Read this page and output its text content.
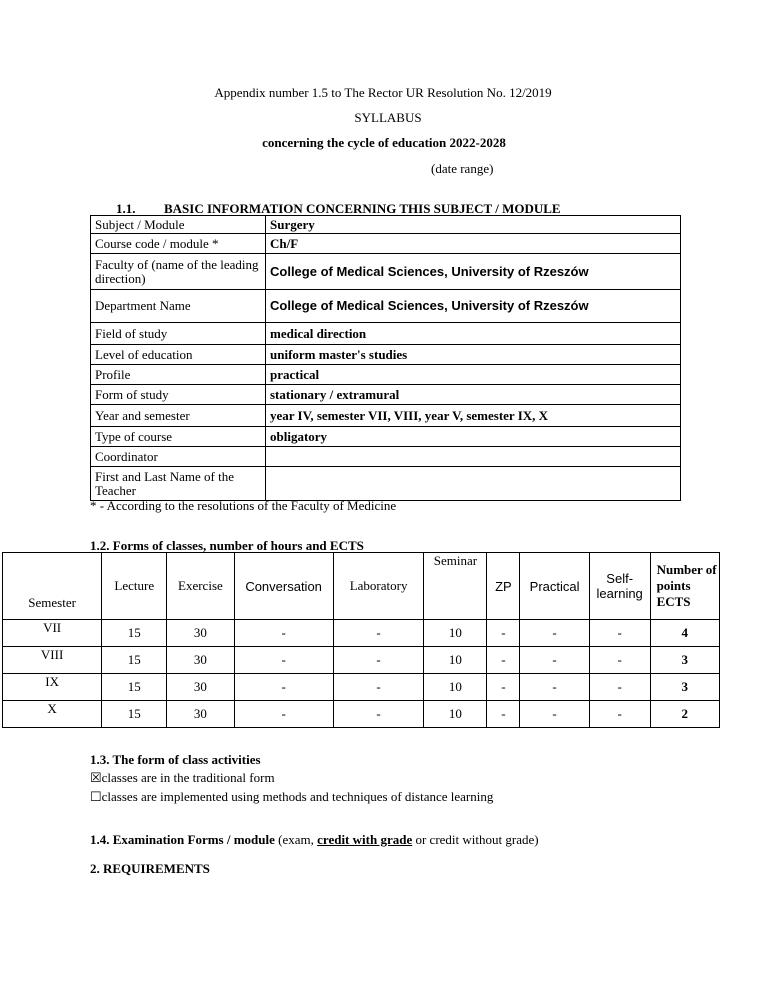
Appendix number 1.5 to The Rector UR Resolution No. 12/2019
SYLLABUS
concerning the cycle of education 2022-2028
(date range)
1.1. BASIC INFORMATION CONCERNING THIS SUBJECT / MODULE
Subject / Module	Surgery
Course code / module *	Ch/F
Faculty of (name of the leading direction)	College of Medical Sciences, University of Rzeszów
Department Name	College of Medical Sciences, University of Rzeszów
Field of study	medical direction
Level of education	uniform master's studies
Profile	practical
Form of study	stationary / extramural
Year and semester	year IV, semester VII, VIII, year V, semester IX, X
Type of course	obligatory
Coordinator	
First and Last Name of the Teacher	
* - According to the resolutions of the Faculty of Medicine
1.2. Forms of classes, number of hours and ECTS
Semester	Lecture	Exercise	Conversation	Laboratory	Seminar	ZP	Practical	Self-learning	Number of points ECTS
VII	15	30	-	-	10	-	-	-	4
VIII	15	30	-	-	10	-	-	-	3
IX	15	30	-	-	10	-	-	-	3
X	15	30	-	-	10	-	-	-	2
1.3. The form of class activities
☒classes are in the traditional form
☐classes are implemented using methods and techniques of distance learning
1.4. Examination Forms / module (exam, credit with grade or credit without grade)
2. REQUIREMENTS
